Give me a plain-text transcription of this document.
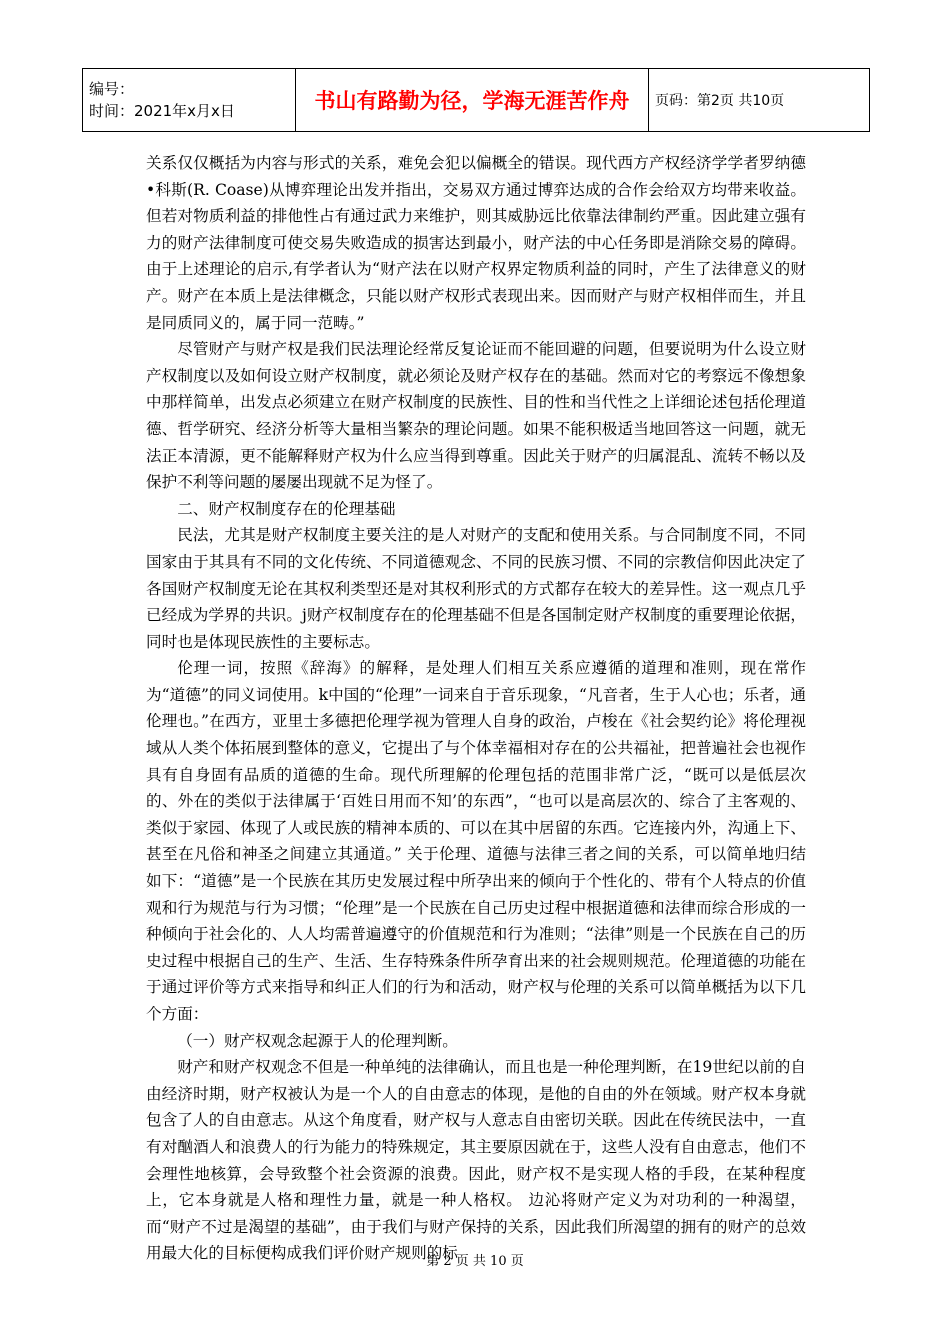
编号：
时间：2021年x月x日	书山有路勤为径，学海无涯苦作舟	页码：第2页 共10页

关系仅仅概括为内容与形式的关系，难免会犯以偏概全的错误。现代西方产权经济学学者罗纳德•科斯(R. Coase)从博弈理论出发并指出，交易双方通过博弈达成的合作会给双方均带来收益。但若对物质利益的排他性占有通过武力来维护，则其威胁远比依靠法律制约严重。因此建立强有力的财产法律制度可使交易失败造成的损害达到最小，财产法的中心任务即是消除交易的障碍。由于上述理论的启示,有学者认为“财产法在以财产权界定物质利益的同时，产生了法律意义的财产。财产在本质上是法律概念，只能以财产权形式表现出来。因而财产与财产权相伴而生，并且是同质同义的，属于同一范畴。”

尽管财产与财产权是我们民法理论经常反复论证而不能回避的问题，但要说明为什么设立财产权制度以及如何设立财产权制度，就必须论及财产权存在的基础。然而对它的考察远不像想象中那样简单，出发点必须建立在财产权制度的民族性、目的性和当代性之上详细论述包括伦理道德、哲学研究、经济分析等大量相当繁杂的理论问题。如果不能积极适当地回答这一问题，就无法正本清源，更不能解释财产权为什么应当得到尊重。因此关于财产的归属混乱、流转不畅以及保护不利等问题的屡屡出现就不足为怪了。

二、财产权制度存在的伦理基础

民法，尤其是财产权制度主要关注的是人对财产的支配和使用关系。与合同制度不同，不同国家由于其具有不同的文化传统、不同道德观念、不同的民族习惯、不同的宗教信仰因此决定了各国财产权制度无论在其权利类型还是对其权利形式的方式都存在较大的差异性。这一观点几乎已经成为学界的共识。j财产权制度存在的伦理基础不但是各国制定财产权制度的重要理论依据，同时也是体现民族性的主要标志。

伦理一词，按照《辞海》的解释，是处理人们相互关系应遵循的道理和准则，现在常作为“道德”的同义词使用。k中国的“伦理”一词来自于音乐现象，“凡音者，生于人心也；乐者，通伦理也。”在西方，亚里士多德把伦理学视为管理人自身的政治，卢梭在《社会契约论》将伦理视域从人类个体拓展到整体的意义，它提出了与个体幸福相对存在的公共福祉，把普遍社会也视作具有自身固有品质的道德的生命。现代所理解的伦理包括的范围非常广泛，“既可以是低层次的、外在的类似于法律属于‘百姓日用而不知’的东西”，“也可以是高层次的、综合了主客观的、类似于家园、体现了人或民族的精神本质的、可以在其中居留的东西。它连接内外，沟通上下、甚至在凡俗和神圣之间建立其通道。” 关于伦理、道德与法律三者之间的关系，可以简单地归结如下：“道德”是一个民族在其历史发展过程中所孕出来的倾向于个性化的、带有个人特点的价值观和行为规范与行为习惯；“伦理”是一个民族在自己历史过程中根据道德和法律而综合形成的一种倾向于社会化的、人人均需普遍遵守的价值规范和行为准则；“法律”则是一个民族在自己的历史过程中根据自己的生产、生活、生存特殊条件所孕育出来的社会规则规范。伦理道德的功能在于通过评价等方式来指导和纠正人们的行为和活动，财产权与伦理的关系可以简单概括为以下几个方面：

（一）财产权观念起源于人的伦理判断。

财产和财产权观念不但是一种单纯的法律确认，而且也是一种伦理判断，在19世纪以前的自由经济时期，财产权被认为是一个人的自由意志的体现，是他的自由的外在领域。财产权本身就包含了人的自由意志。从这个角度看，财产权与人意志自由密切关联。因此在传统民法中，一直有对酗酒人和浪费人的行为能力的特殊规定，其主要原因就在于，这些人没有自由意志，他们不会理性地核算，会导致整个社会资源的浪费。因此，财产权不是实现人格的手段，在某种程度上，它本身就是人格和理性力量，就是一种人格权。 边沁将财产定义为对功利的一种渴望，而“财产不过是渴望的基础”，由于我们与财产保持的关系，因此我们所渴望的拥有的财产的总效用最大化的目标便构成我们评价财产规则的标

第 2 页 共 10 页
